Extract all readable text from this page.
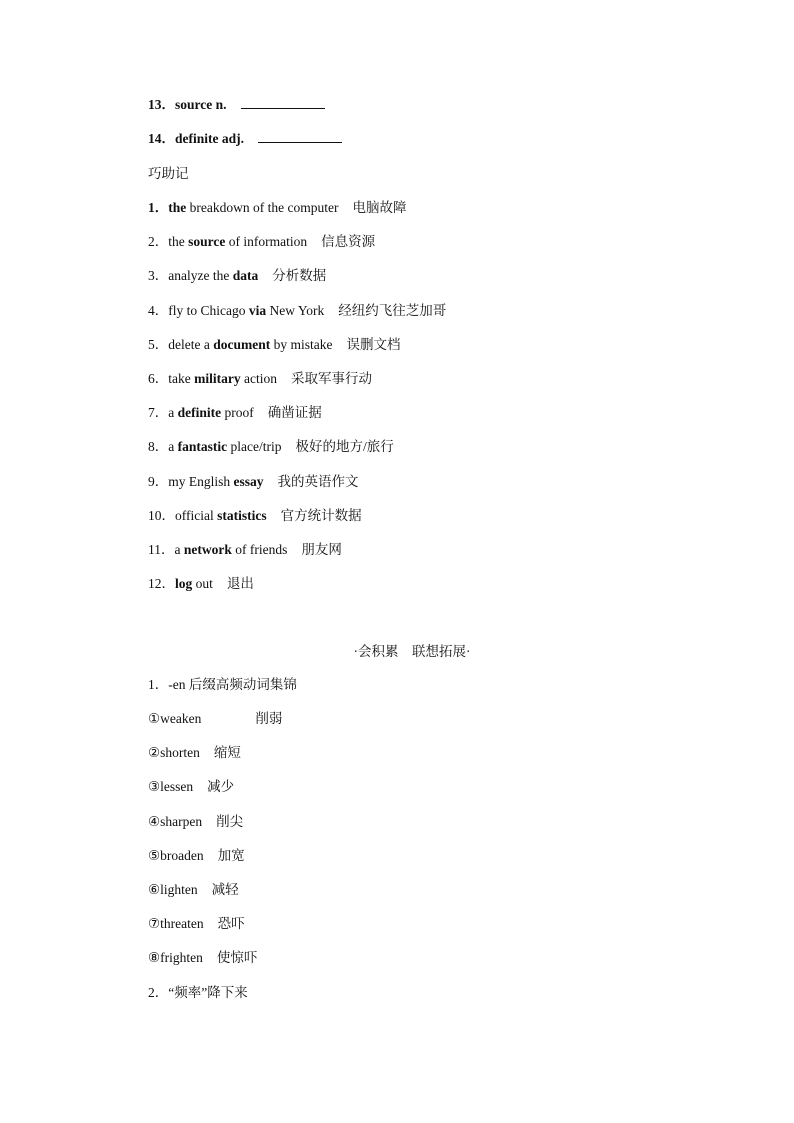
13．source n.
14．definite adj.
巧助记
1．the breakdown of the computer 电脑故障
2．the source of information 信息资源
3．analyze the data 分析数据
4．fly to Chicago via New York 经纽约飞往芝加哥
5．delete a document by mistake 误删文档
6．take military action 采取军事行动
7．a definite proof 确凿证据
8．a fantastic place/trip 极好的地方/旅行
9．my English essay 我的英语作文
10．official statistics 官方统计数据
11．a network of friends 朋友网
12．log out 退出
·会积累　联想拓展·
1．-en 后缀高频动词集锦
①weaken	削弱
②shorten 缩短
③lessen 减少
④sharpen 削尖
⑤broaden 加宽
⑥lighten 减轻
⑦threaten 恐吓
⑧frighten 使惊吓
2．“频率”降下来
